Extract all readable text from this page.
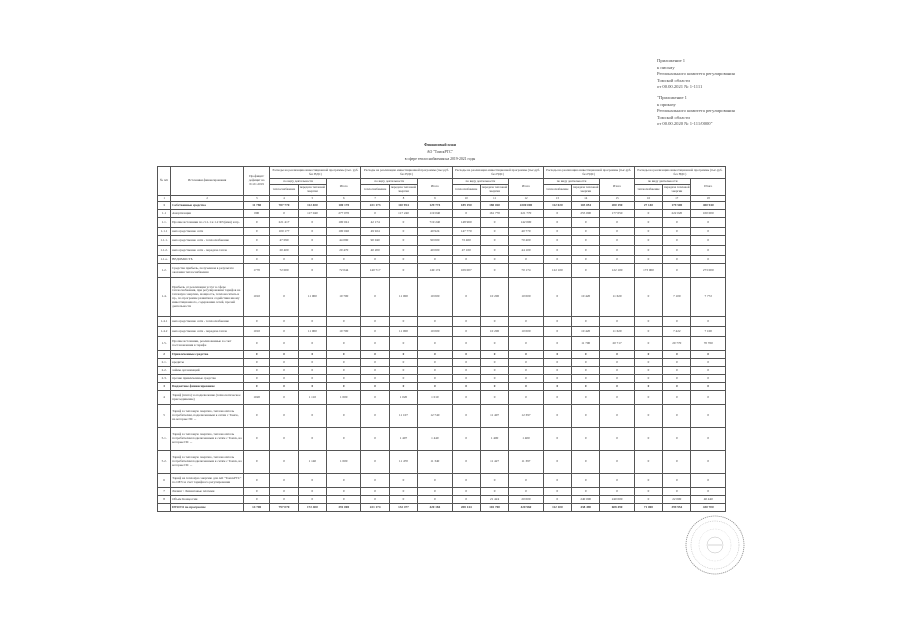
Приложение 1
к письму
Регионального комитета регулирования
Томской области
от 00.00.2021 № 1-1111
"Приложение 1
к приказу
Регионального комитета регулирования
Томской области
от 00.00.2020 № 1-111/0000"
Финансовый план
АО "ТомскРТС"
в сфере теплоснабжения на 2019-2021 годы
№ п/п	Источники финансирования	Профицит/дефицит на 01.01.2019	Расходы на реализацию инвестиционной программы (тыс. руб. без НДС)			Расходы на реализацию инвестиционной программы (тыс.руб. без НДС)			Расходы на реализацию инвестиционной программы (тыс.руб. без НДС)			Расходы на реализацию инвестиционной программы (тыс.руб. без НДС)			Расходы на реализацию инвестиционной программы (тыс.руб. без НДС)		
			по виду деятельности		Итого	по виду деятельности		Итого	по виду деятельности		Итого	по виду деятельности		Итого	по виду деятельности		Итого
			теплоснабжение	передача тепловой энергии		теплоснабжение	передача тепловой энергии		теплоснабжение	передача тепловой энергии		теплоснабжение	передача тепловой энергии		теплоснабжение	передача тепловой энергии	
1	2	3	4	5	6	7	8	9	10	11	12	13	14	15	16	17	18
1	Собственные средства	11 780	787 770	112 400	100 170	221 173	110 954	129 774	189 190	180 020	2200 000	112 020	103 054	200 190	27 140	179 500	400 940
1.1	Амортизация	000	0	117 040	277 070	0	117 240	119 040	0	161 770	221 770	0	255 000	177 050	0	222 020	100 000
1.1.	Прочие источники по ст.1.1 и 1.2 ФЗ (имя) и пр.	0	221 417	0	100 041	42 174	0	719 240	148 960	0	142 000	0	0	0	0	0	0
1.1.1	непосредственно сети	0	100 177	0	100 040	49 924	0	40 924	147 770	0	40 770	0	0	0	0	0	0
1.1.1.	непосредственно сети - теплоснабжение	0	47 090	0	44 090	90 040	0	90 000	72 400	0	70 400	0	0	0	0	0	0
1.1.2.	непосредственно сети - передача тепла	0	20 400	0	20 470	40 200	0	40 000	47 100	0	44 100	0	0	0	0	0	0
1.1.a.	ВЕДОМОСТЬ	0	0	0	0	0	0	0	0	0	0	0	0	0	0	0	0
1.2.	Средства прибыль, полученная в результате оказания теплоснабжения	1770	72 000	0	72 044	140 717	0	149 174	109 007	0	70 174	122 100	0	122 100	173 000	0	273 000
1.4.	Прибыль от реализации услуг в сфере теплоснабжения, при регулировании тарифов на тепловую энергию, мощность, теплоноситель и пр., по программе развития и содействия иному инвестиционного, содержания сетей, прочей деятельности	1010	0	11 000	10 700	0	11 000	10 000	0	10 200	10 000	0	10 420	11 620	0	7 100	7 772
1.4.1	непосредственно сети - теплоснабжение	0	0	0	0	0	0	0	0	0	0	0	0	0	0	0	0
1.4.2	непосредственно сети - передача тепла	1010	0	11 000	10 700	0	11 000	10 000	0	10 200	10 000	0	10 420	11 620	0	7 422	7 100
1.5.	Прочие источники, реализованные за счет постановления в тарифе	0	0	0	0	0	0	0	0	0	0	0	11 700	20 717	0	20 770	70 700
2	Привлеченные средства	0	0	0	0	0	0	0	0	0	0	0	0	0	0	0	0
2.1.	кредиты	0	0	0	0	0	0	0	0	0	0	0	0	0	0	0	0
2.2.	займы организаций	0	0	0	0	0	0	0	0	0	0	0	0	0	0	0	0
2.3.	прочие привлеченные средства	0	0	0	0	0	0	0	0	0	0	0	0	0	0	0	0
3	Бюджетное финансирование	0	0	0	0	0	0	0	0	0	0	0	0	0	0	0	0
4	Тариф (плата) за подключение (технологическое присоединение)	1020	0	1 110	1 000	0	1 020	1 010	0	0	0	0	0	0	0	0	0
5	Тариф за тепловую энергию, теплоноситель потребителям, подключенным к сетям с Томск, на которые ПС ...	0	0	0	0	0	11 107	12 740	0	11 407	12 397	0	0	0	0	0	0
5.1.	Тариф за тепловую энергию, теплоноситель потребителям подключенным к сетям с Томск, на которые ПС ...	0	0	0	0	0	1 407	1 440	0	1 400	1 400	0	0	0	0	0	0
5.2.	Тариф за тепловую энергию, теплоноситель потребителям подключенным к сетям с Томск, на которые ПС ...	0	0	1 140	1 000	0	11 470	11 340	0	11 427	11 397	0	0	0	0	0	0
6	Тариф на тепловую энергию для АО "ТомскРТС" по ОЕЗ за счет тарифного регулирования	0	0	0	0	0	0	0	0	0	0	0	0	0	0	0	0
7	Лизинг / Лизинговые платежи	0	0	0	0	0	0	0	0	0	0	0	0	0	0	0	0
8	Объем Концессии	0	0	0	0	0	0	0	0	21 424	20 000	0	240 000	240 000	0	22 000	40 440
	ИТОГО по программе	14 700	797 070	172 400	391 000	221 174	132 477	420 184	208 144	102 700	420 960	112 100	438 490	608 490	71 000	399 954	430 700
